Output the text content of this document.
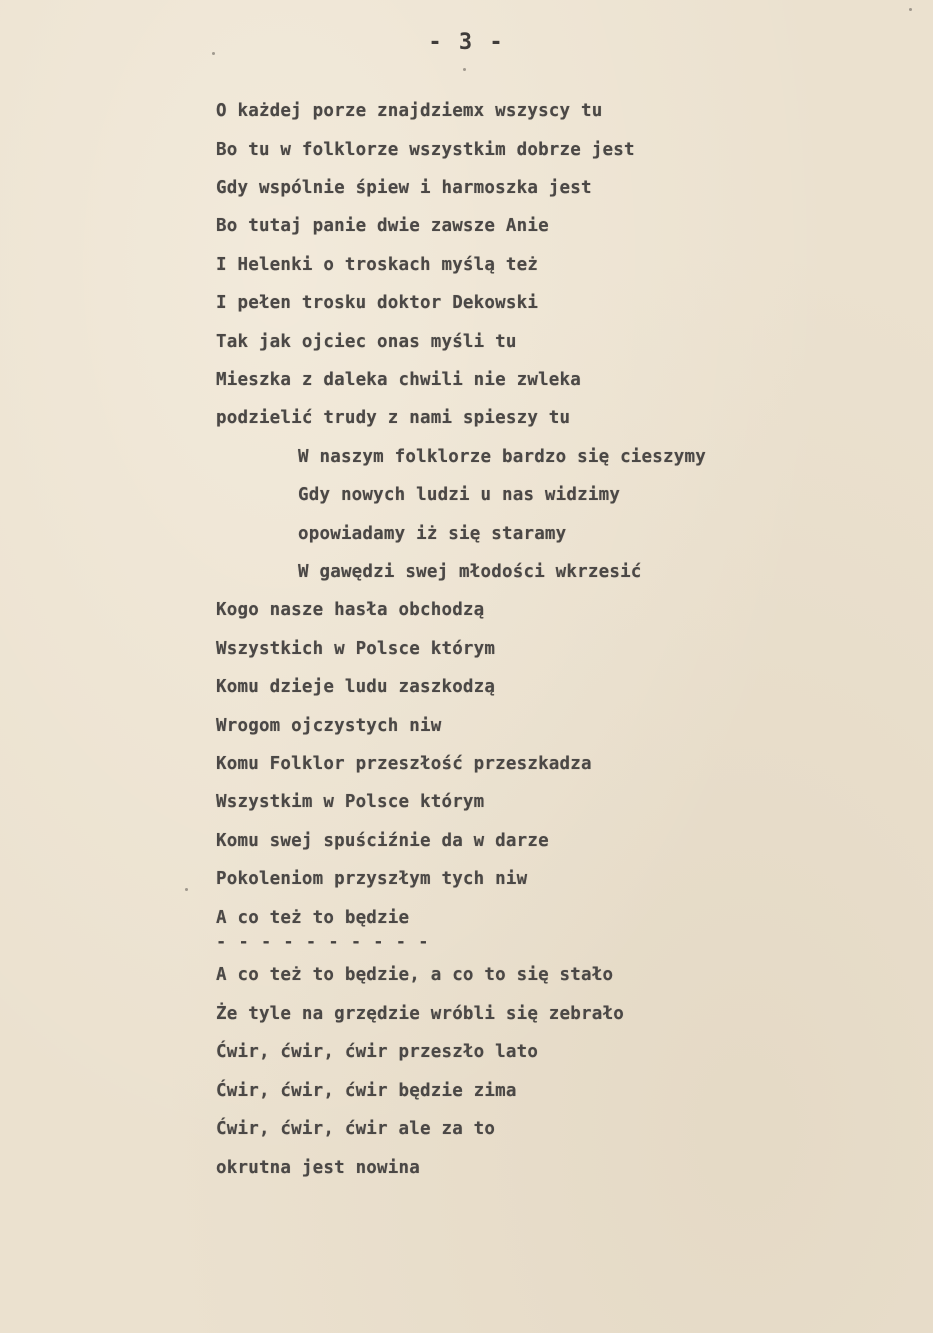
- 3 -
O każdej porze znajdziemx wszyscy tu
Bo tu w folklorze wszystkim dobrze jest
Gdy wspólnie śpiew i harmoszka jest
Bo tutaj panie dwie zawsze Anie
I Helenki o troskach myślą też
I pełen trosku doktor Dekowski
Tak jak ojciec onas myśli tu
Mieszka z daleka chwili nie zwleka
podzielić trudy z nami spieszy tu
W naszym folklorze bardzo się cieszymy
Gdy nowych ludzi u nas widzimy
opowiadamy iż się staramy
W gawędzi swej młodości wkrzesić
Kogo nasze hasła obchodzą
Wszystkich w Polsce którym
Komu dzieje ludu zaszkodzą
Wrogom ojczystych niw
Komu Folklor przeszłość przeszkadza
Wszystkim w Polsce którym
Komu swej spuściźnie da w darze
Pokoleniom przyszłym tych niw
A co też to będzie
- - - - - - - - - -
A co też to będzie, a co to się stało
Że tyle na grzędzie wróbli się zebrało
Ćwir, ćwir, ćwir przeszło lato
Ćwir, ćwir, ćwir będzie zima
Ćwir, ćwir, ćwir ale za to
okrutna jest nowina
